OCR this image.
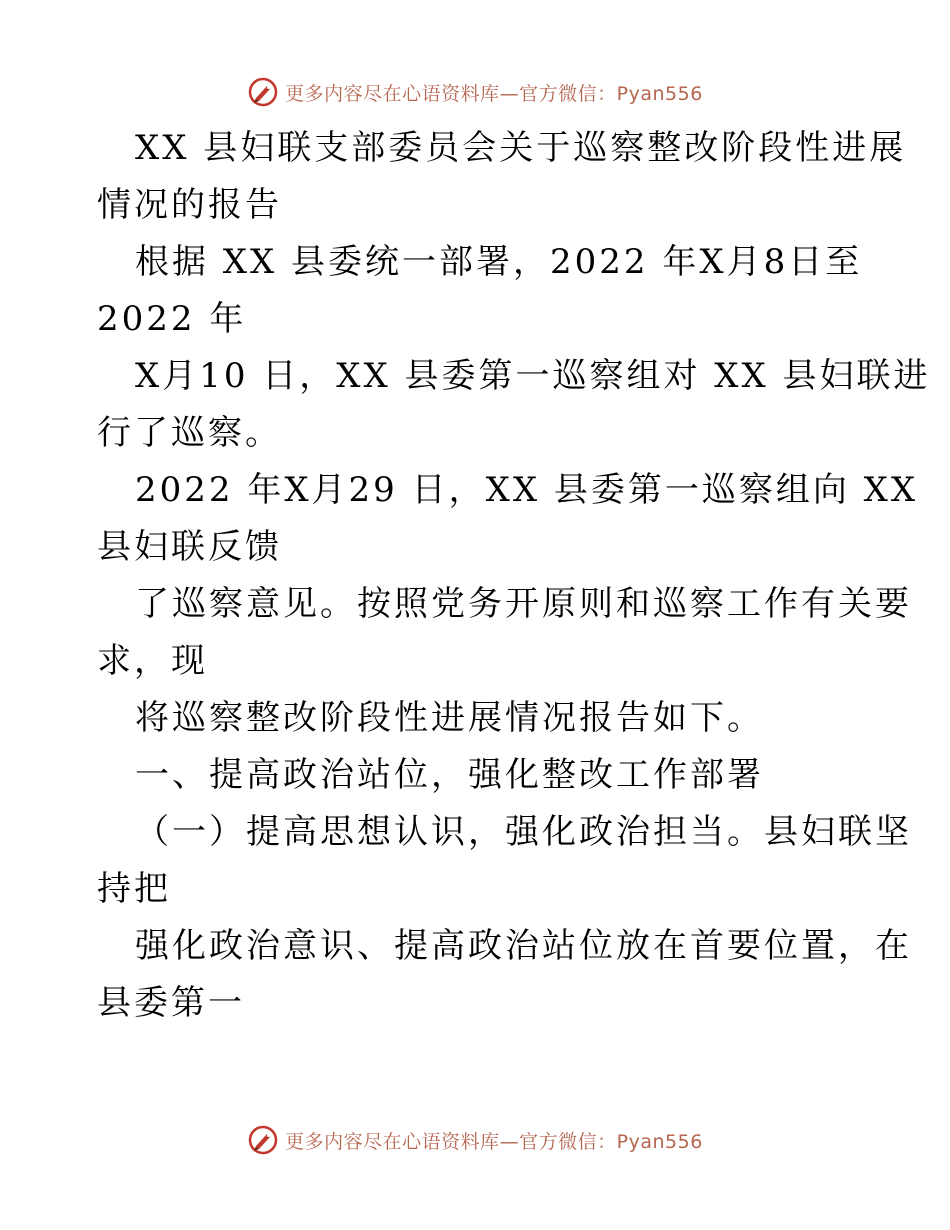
更多内容尽在心语资料库—官方微信：Pyan556
XX 县妇联支部委员会关于巡察整改阶段性进展
情况的报告
根据 XX 县委统一部署，2022 年X月8日至
2022 年
X月10 日，XX 县委第一巡察组对 XX 县妇联进
行了巡察。
2022 年X月29 日，XX 县委第一巡察组向 XX
县妇联反馈
了巡察意见。按照党务开原则和巡察工作有关要
求，现
将巡察整改阶段性进展情况报告如下。
一、提高政治站位，强化整改工作部署
（一）提高思想认识，强化政治担当。县妇联坚
持把
强化政治意识、提高政治站位放在首要位置，在
县委第一
更多内容尽在心语资料库—官方微信：Pyan556
